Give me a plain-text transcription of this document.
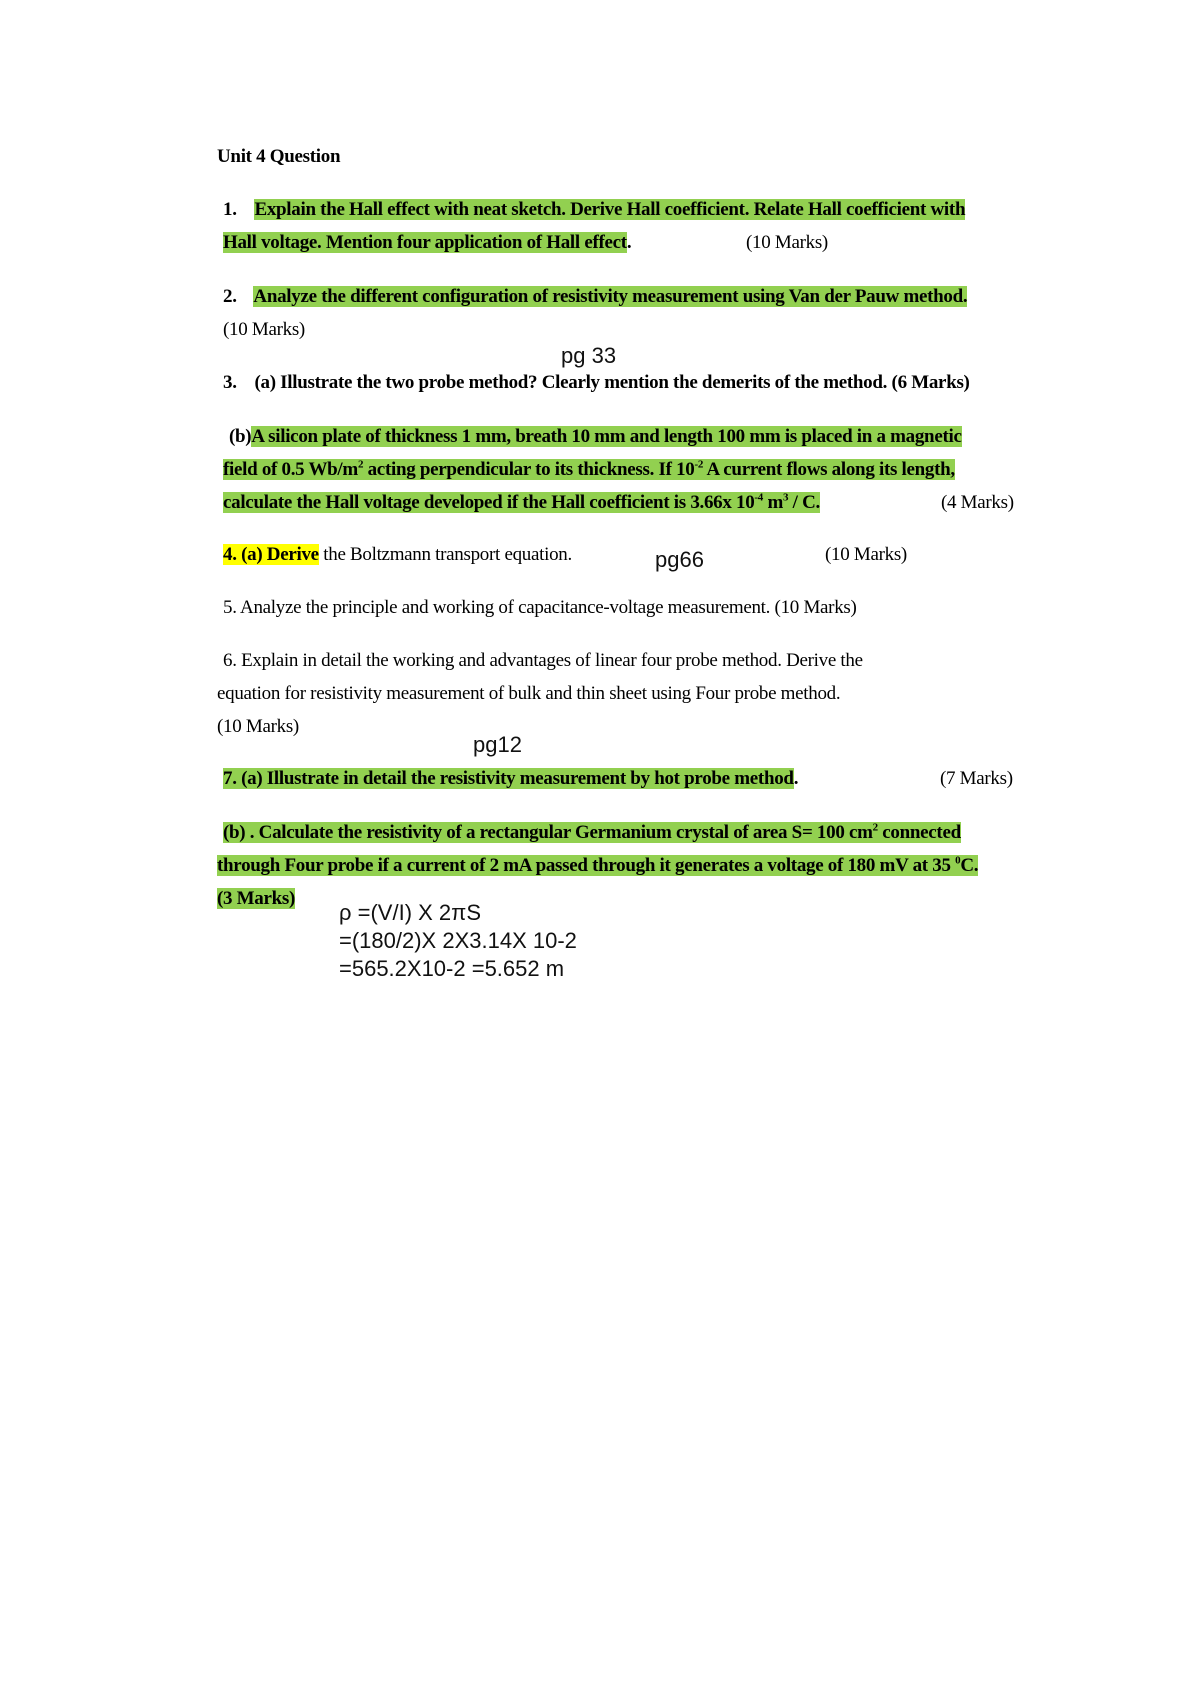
Unit 4 Question
1. Explain the Hall effect with neat sketch. Derive Hall coefficient. Relate Hall coefficient with
Hall voltage. Mention four application of Hall effect.	(10 Marks)
2. Analyze the different configuration of resistivity measurement using Van der Pauw method.
(10 Marks)
pg 33
3. (a) Illustrate the two probe method? Clearly mention the demerits of the method. (6 Marks)
(b)A silicon plate of thickness 1 mm, breath 10 mm and length 100 mm is placed in a magnetic
field of 0.5 $Wb/m^2$ acting perpendicular to its thickness. If $10^{-2}$ A current flows along its length,
calculate the Hall voltage developed if the Hall coefficient is 3.66x $10^{-4}$ $m^3$ / C.	(4 Marks)
4. (a) Derive the Boltzmann transport equation.	pg66	(10 Marks)
5. Analyze the principle and working of capacitance-voltage measurement. (10 Marks)
6. Explain in detail the working and advantages of linear four probe method. Derive the
equation for resistivity measurement of bulk and thin sheet using Four probe method.
(10 Marks)
pg12
7. (a) Illustrate in detail the resistivity measurement by hot probe method.	(7 Marks)
(b) . Calculate the resistivity of a rectangular Germanium crystal of area S= 100 $cm^2$ connected
through Four probe if a current of 2 mA passed through it generates a voltage of 180 mV at 35 $^0$C.
(3 Marks)
ρ =(V/I) X 2πS
=(180/2)X 2X3.14X 10-2
=565.2X10-2 =5.652 m
